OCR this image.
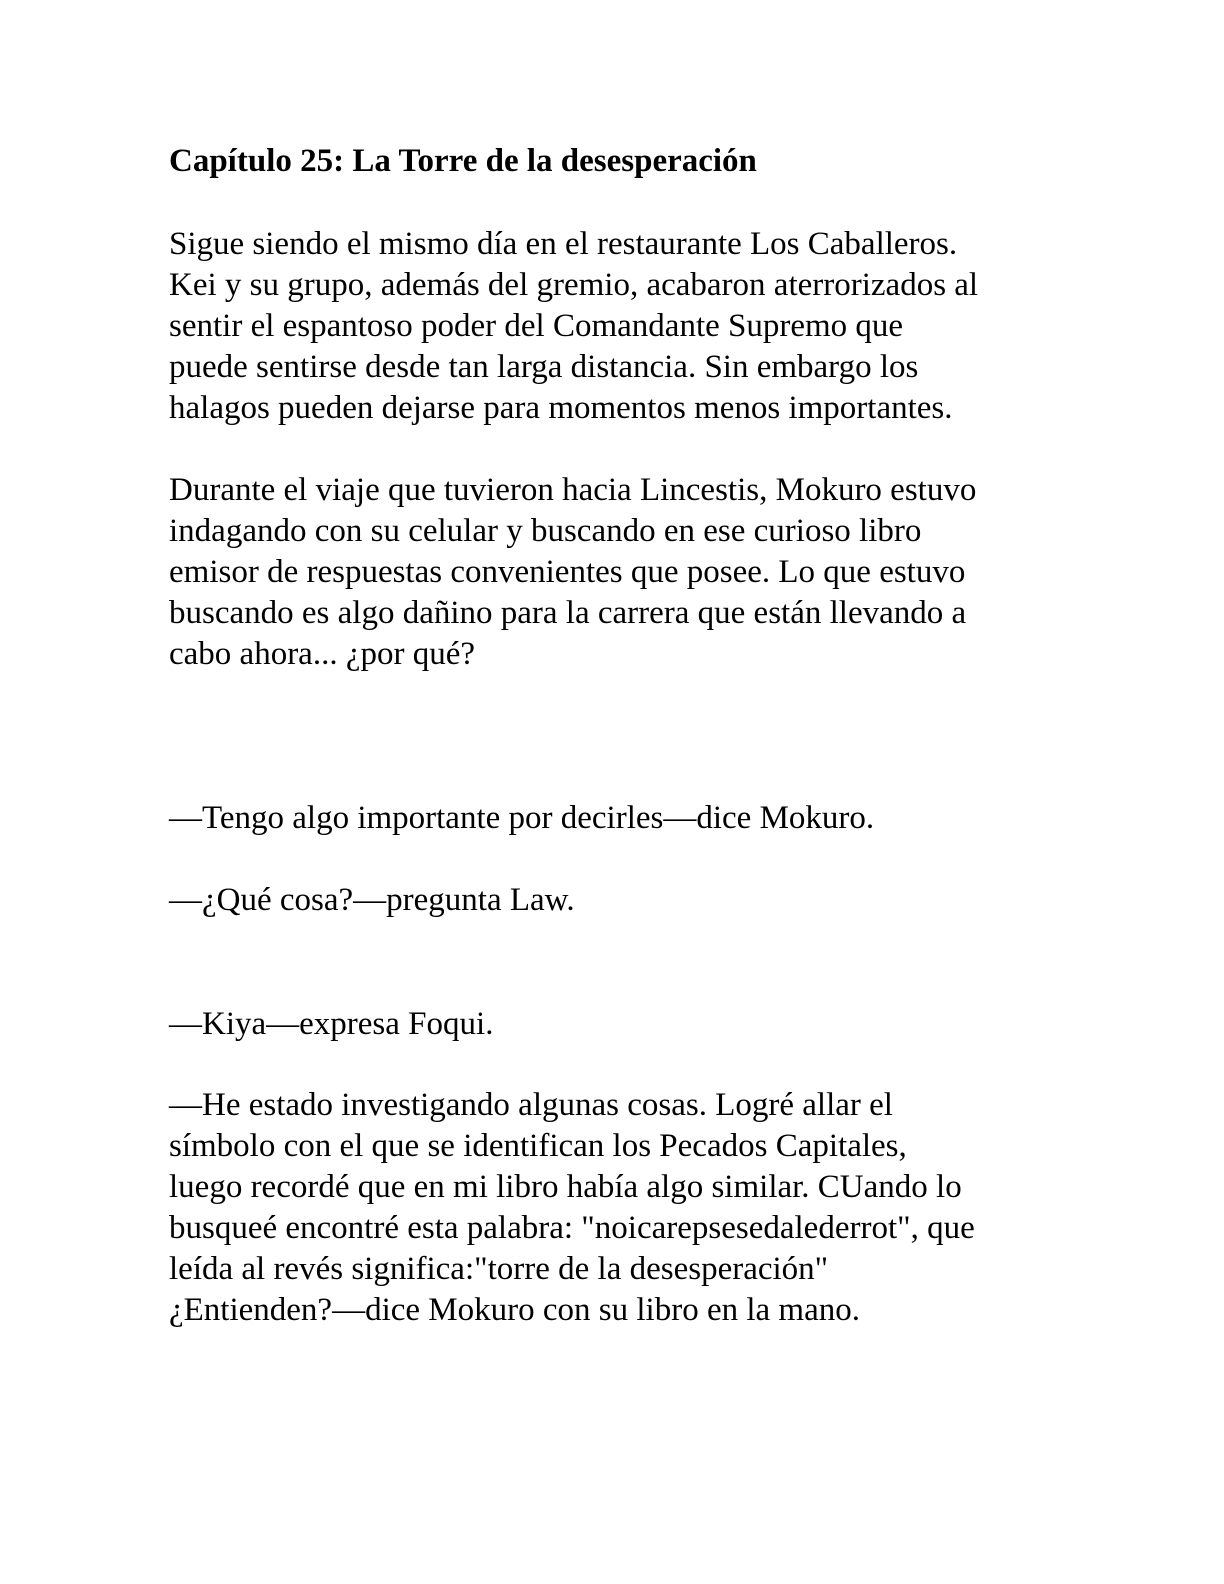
Capítulo 25: La Torre de la desesperación

Sigue siendo el mismo día en el restaurante Los Caballeros.
Kei y su grupo, además del gremio, acabaron aterrorizados al
sentir el espantoso poder del Comandante Supremo que
puede sentirse desde tan larga distancia. Sin embargo los
halagos pueden dejarse para momentos menos importantes.

Durante el viaje que tuvieron hacia Lincestis, Mokuro estuvo
indagando con su celular y buscando en ese curioso libro
emisor de respuestas convenientes que posee. Lo que estuvo
buscando es algo dañino para la carrera que están llevando a
cabo ahora... ¿por qué?

—Tengo algo importante por decirles—dice Mokuro.

—¿Qué cosa?—pregunta Law.

—Kiya—expresa Foqui.

—He estado investigando algunas cosas. Logré allar el
símbolo con el que se identifican los Pecados Capitales,
luego recordé que en mi libro había algo similar. CUando lo
busqueé encontré esta palabra: "noicarepsesedalederrot", que
leída al revés significa:"torre de la desesperación"
¿Entienden?—dice Mokuro con su libro en la mano.
